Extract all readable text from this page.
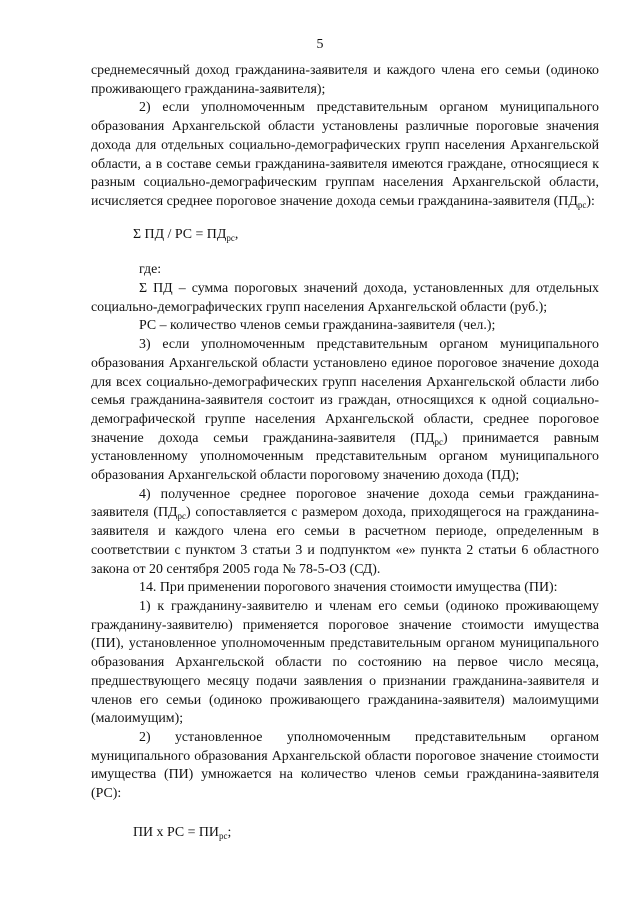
5

среднемесячный доход гражданина-заявителя и каждого члена его семьи (одиноко проживающего гражданина-заявителя);

2) если уполномоченным представительным органом муниципального образования Архангельской области установлены различные пороговые значения дохода для отдельных социально-демографических групп населения Архангельской области, а в составе семьи гражданина-заявителя имеются граждане, относящиеся к разным социально-демографическим группам населения Архангельской области, исчисляется среднее пороговое значение дохода семьи гражданина-заявителя $(ПД_{рс})$:

Σ ПД / РС = $ПД_{рс}$,

где:

Σ ПД – сумма пороговых значений дохода, установленных для отдельных социально-демографических групп населения Архангельской области (руб.);

РС – количество членов семьи гражданина-заявителя (чел.);

3) если уполномоченным представительным органом муниципального образования Архангельской области установлено единое пороговое значение дохода для всех социально-демографических групп населения Архангельской области либо семья гражданина-заявителя состоит из граждан, относящихся к одной социально-демографической группе населения Архангельской области, среднее пороговое значение дохода семьи гражданина-заявителя $(ПД_{рс})$ принимается равным установленному уполномоченным представительным органом муниципального образования Архангельской области пороговому значению дохода (ПД);

4) полученное среднее пороговое значение дохода семьи гражданина-заявителя $(ПД_{рс})$ сопоставляется с размером дохода, приходящегося на гражданина-заявителя и каждого члена его семьи в расчетном периоде, определенным в соответствии с пунктом 3 статьи 3 и подпунктом «е» пункта 2 статьи 6 областного закона от 20 сентября 2005 года № 78-5-ОЗ (СД).

14. При применении порогового значения стоимости имущества (ПИ):

1) к гражданину-заявителю и членам его семьи (одиноко проживающему гражданину-заявителю) применяется пороговое значение стоимости имущества (ПИ), установленное уполномоченным представительным органом муниципального образования Архангельской области по состоянию на первое число месяца, предшествующего месяцу подачи заявления о признании гражданина-заявителя и членов его семьи (одиноко проживающего гражданина-заявителя) малоимущими (малоимущим);

2) установленное уполномоченным представительным органом муниципального образования Архангельской области пороговое значение стоимости имущества (ПИ) умножается на количество членов семьи гражданина-заявителя (РС):

ПИ х РС = $ПИ_{рс}$;
